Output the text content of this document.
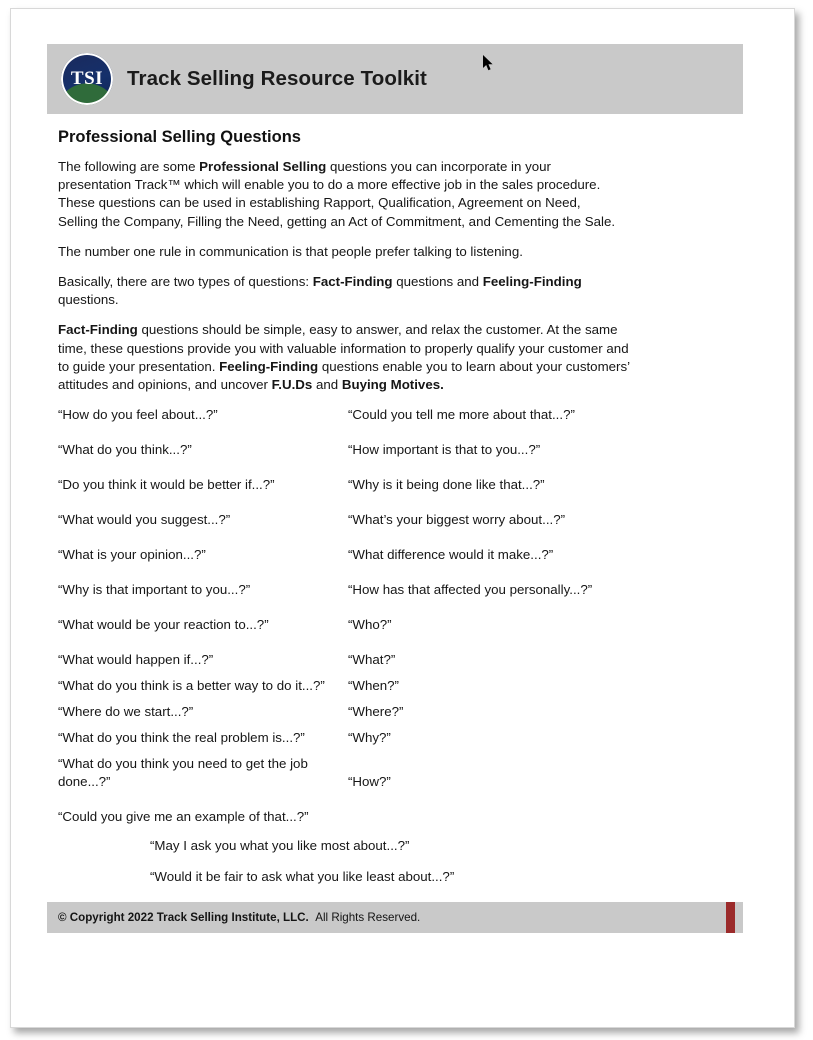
TSI	Track Selling Resource Toolkit
Professional Selling Questions

The following are some Professional Selling questions you can incorporate in your presentation Track™ which will enable you to do a more effective job in the sales procedure. These questions can be used in establishing Rapport, Qualification, Agreement on Need, Selling the Company, Filling the Need, getting an Act of Commitment, and Cementing the Sale.

The number one rule in communication is that people prefer talking to listening.

Basically, there are two types of questions: Fact-Finding questions and Feeling-Finding questions.

Fact-Finding questions should be simple, easy to answer, and relax the customer. At the same time, these questions provide you with valuable information to properly qualify your customer and to guide your presentation. Feeling-Finding questions enable you to learn about your customers’ attitudes and opinions, and uncover F.U.Ds and Buying Motives.

“How do you feel about...?”	“Could you tell me more about that...?”
“What do you think...?”	“How important is that to you...?”
“Do you think it would be better if...?”	“Why is it being done like that...?”
“What would you suggest...?”	“What’s your biggest worry about...?”
“What is your opinion...?”	“What difference would it make...?”
“Why is that important to you...?”	“How has that affected you personally...?”
“What would be your reaction to...?”	“Who?”
“What would happen if...?”	“What?”
“What do you think is a better way to do it...?”	“When?”
“Where do we start...?”	“Where?”
“What do you think the real problem is...?”	“Why?”
“What do you think you need to get the job done...?”	“How?”
“Could you give me an example of that...?”
“May I ask you what you like most about...?”
“Would it be fair to ask what you like least about...?”
© Copyright 2022 Track Selling Institute, LLC. All Rights Reserved.
